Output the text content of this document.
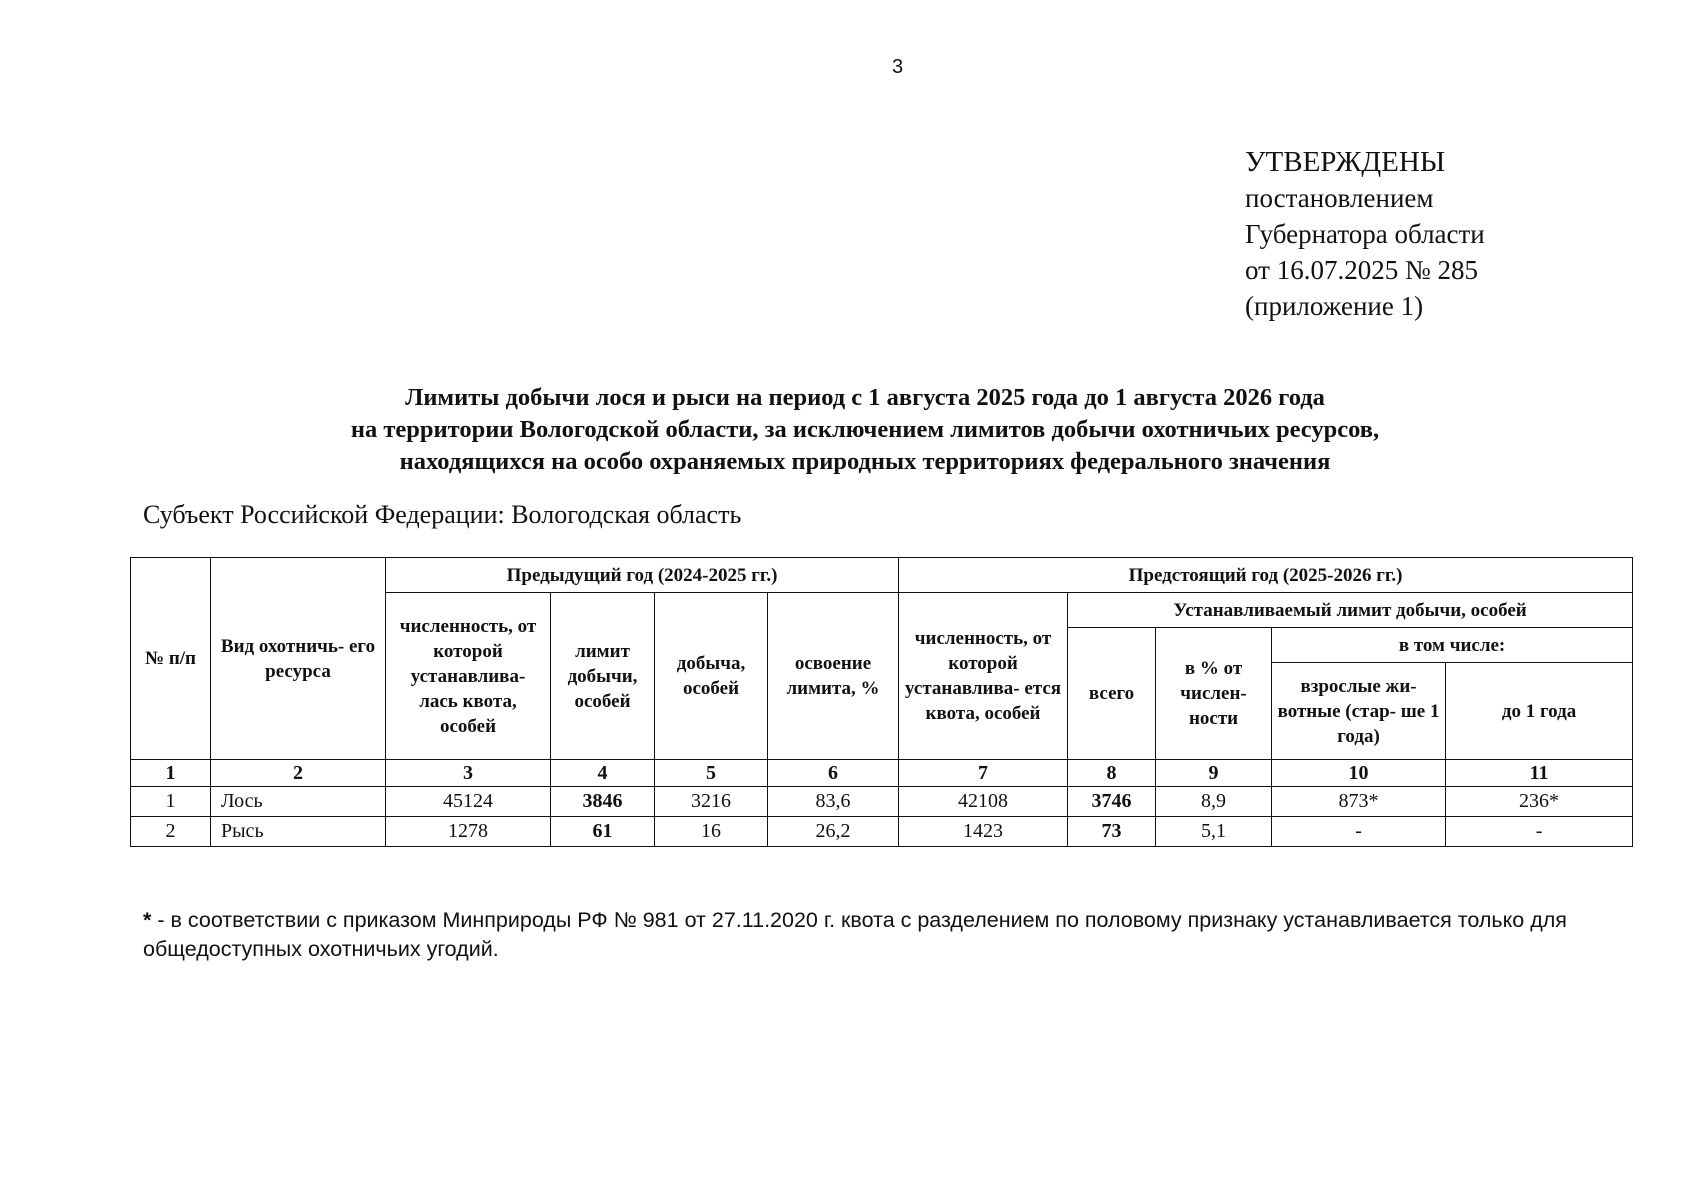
3
УТВЕРЖДЕНЫ
постановлением
Губернатора области
от 16.07.2025 № 285
(приложение 1)
Лимиты добычи лося и рыси на период с 1 августа 2025 года до 1 августа 2026 года
на территории Вологодской области, за исключением лимитов добычи охотничьих ресурсов,
находящихся на особо охраняемых природных территориях федерального значения
Субъект Российской Федерации: Вологодская область
№ п/п	Вид охотничь- его ресурса	Предыдущий год (2024-2025 гг.)				Предстоящий год (2025-2026 гг.)				
		численность, от которой устанавлива- лась квота, особей	лимит добычи, особей	добыча, особей	освоение лимита, %	численность, от которой устанавлива- ется квота, особей	Устанавливаемый лимит добычи, особей			
							всего	в % от числен- ности	в том числе:	
									взрослые жи- вотные (стар- ше 1 года)	до 1 года
1	2	3	4	5	6	7	8	9	10	11
1	Лось	45124	3846	3216	83,6	42108	3746	8,9	873*	236*
2	Рысь	1278	61	16	26,2	1423	73	5,1	-	-
* - в соответствии с приказом Минприроды РФ № 981 от 27.11.2020 г. квота с разделением по половому признаку устанавливается только для общедоступных охотничьих угодий.
